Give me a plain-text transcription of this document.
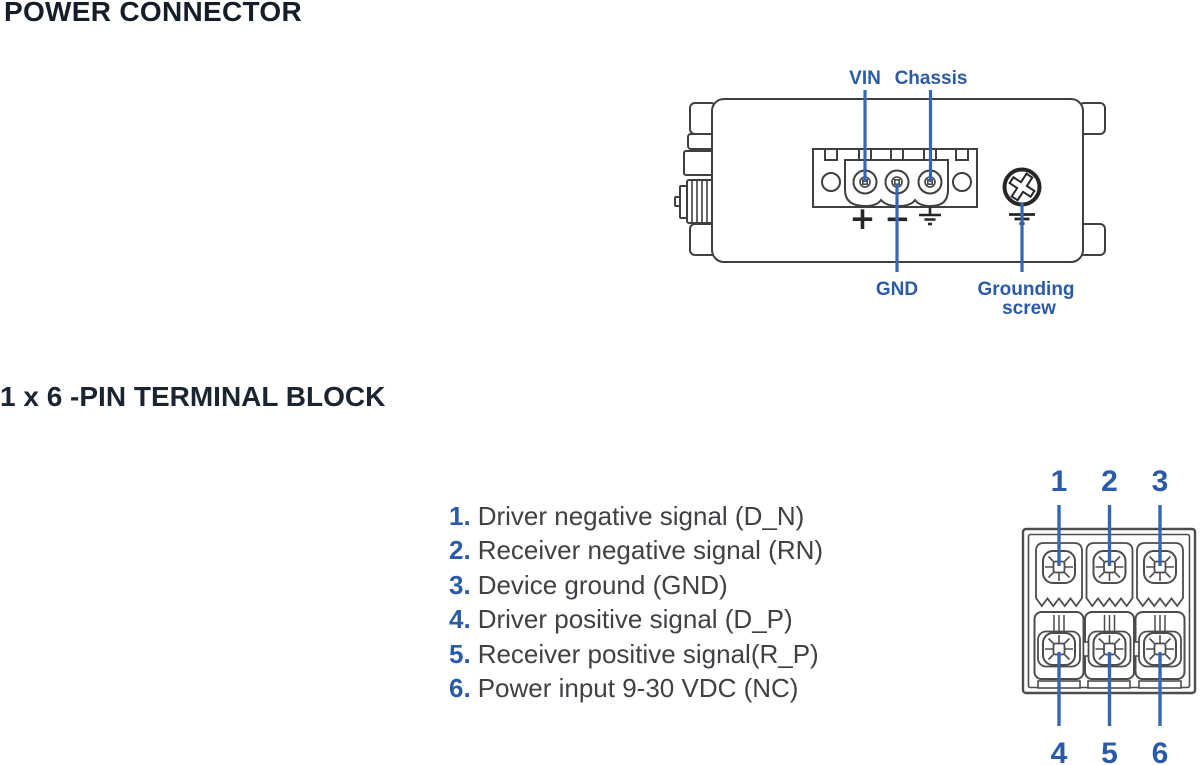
POWER CONNECTOR
+ −
VIN Chassis
GND	Grounding
screw
1 x 6 -PIN TERMINAL BLOCK
1. Driver negative signal (D_N)
2. Receiver negative signal (RN)
3. Device ground (GND)
4. Driver positive signal (D_P)
5. Receiver positive signal(R_P)
6. Power input 9-30 VDC (NC)
1 2 3
4 5 6
